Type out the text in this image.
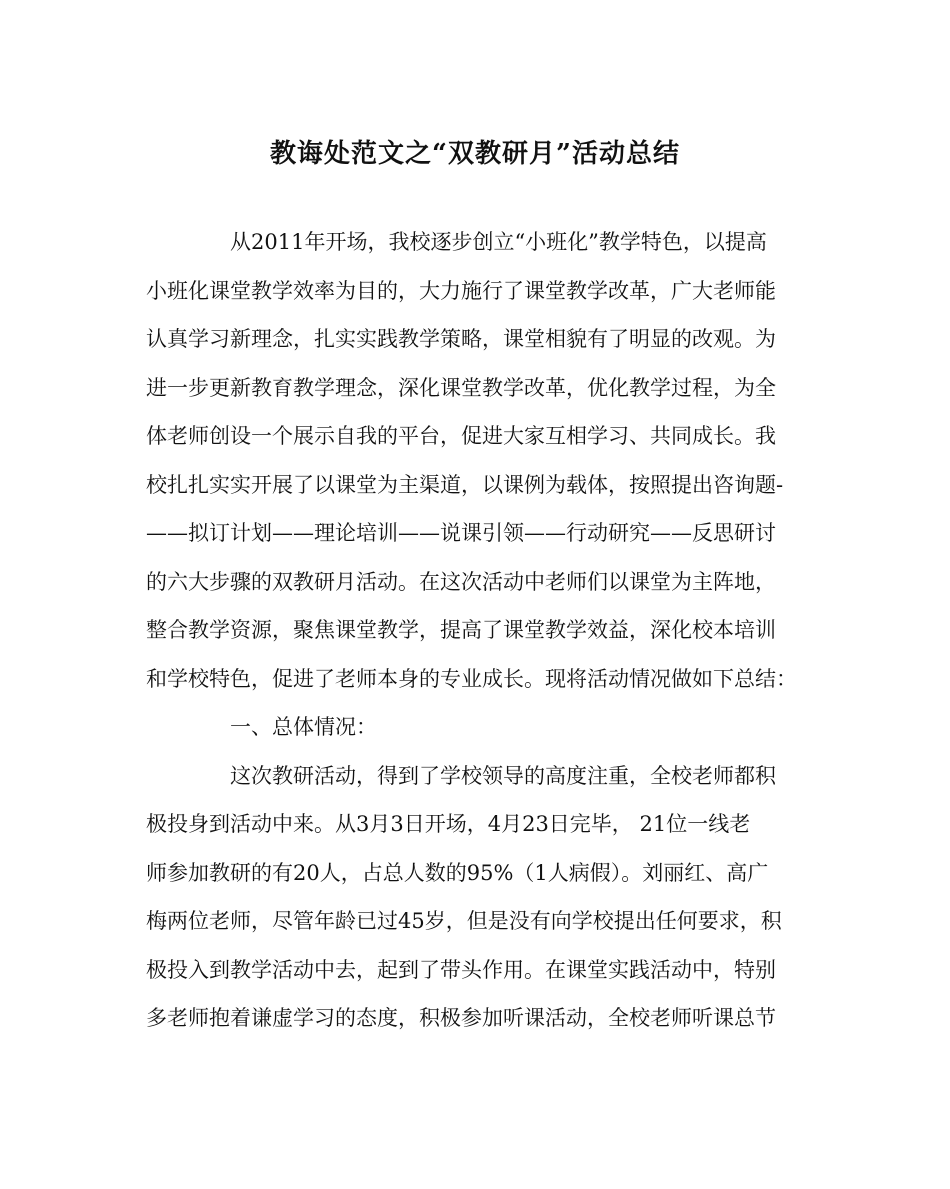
教诲处范文之“双教研月”活动总结
从2011年开场，我校逐步创立“小班化”教学特色，以提高
小班化课堂教学效率为目的，大力施行了课堂教学改革，广大老师能
认真学习新理念，扎实实践教学策略，课堂相貌有了明显的改观。为
进一步更新教育教学理念，深化课堂教学改革，优化教学过程，为全
体老师创设一个展示自我的平台，促进大家互相学习、共同成长。我
校扎扎实实开展了以课堂为主渠道，以课例为载体，按照提出咨询题-
——拟订计划——理论培训——说课引领——行动研究——反思研讨
的六大步骤的双教研月活动。在这次活动中老师们以课堂为主阵地，
整合教学资源，聚焦课堂教学，提高了课堂教学效益，深化校本培训
和学校特色，促进了老师本身的专业成长。现将活动情况做如下总结：
一、总体情况：
这次教研活动，得到了学校领导的高度注重，全校老师都积
极投身到活动中来。从3月3日开场，4月23日完毕， 21位一线老
师参加教研的有20人，占总人数的95%（1人病假）。刘丽红、高广
梅两位老师，尽管年龄已过45岁，但是没有向学校提出任何要求，积
极投入到教学活动中去，起到了带头作用。在课堂实践活动中，特别
多老师抱着谦虚学习的态度，积极参加听课活动，全校老师听课总节
